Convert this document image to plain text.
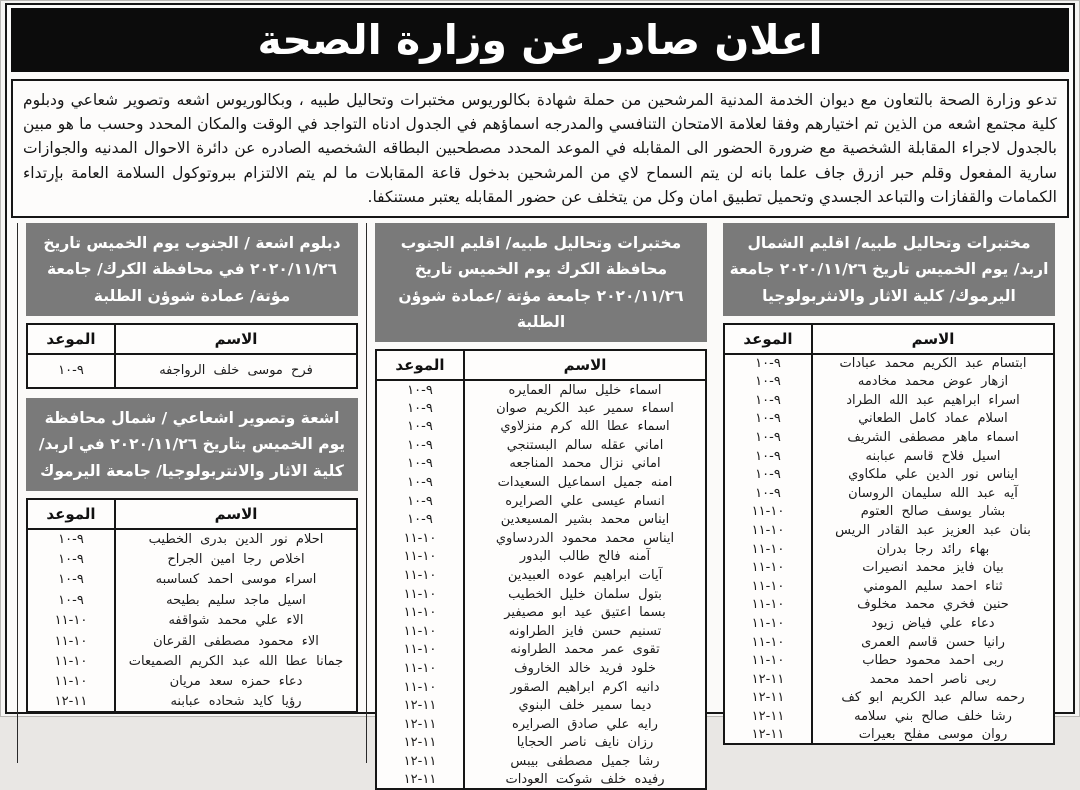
اعلان صادر عن وزارة الصحة
تدعو وزارة الصحة بالتعاون مع ديوان الخدمة المدنية المرشحين من حملة شهادة بكالوريوس مختبرات وتحاليل طبيه ، وبكالوريوس اشعه وتصوير شعاعي ودبلوم كلية مجتمع اشعه من الذين تم اختيارهم وفقا لعلامة الامتحان التنافسي والمدرجه اسماؤهم في الجدول ادناه التواجد في الوقت والمكان المحدد وحسب ما هو مبين بالجدول لاجراء المقابلة الشخصية مع ضرورة الحضور الى المقابله في الموعد المحدد مصطحبين البطاقه الشخصيه الصادره عن دائرة الاحوال المدنيه والجوازات سارية المفعول وقلم حبر ازرق جاف علما بانه لن يتم السماح لاي من المرشحين بدخول قاعة المقابلات ما لم يتم الالتزام ببروتوكول السلامة العامة بإرتداء الكمامات والقفازات والتباعد الجسدي وتحميل تطبيق امان وكل من يتخلف عن حضور المقابله يعتبر مستنكفا.
مختبرات وتحاليل طبيه/ اقليم الشمال اربد/ يوم الخميس تاريخ ٢٠٢٠/١١/٢٦ جامعة اليرموك/ كلية الاثار والانثربولوجيا
الاسم	الموعد
ابتسام عبد الكريم محمد عبادات	٩-١٠
ازهار عوض محمد مخادمه	٩-١٠
اسراء ابراهيم عبد الله الطراد	٩-١٠
اسلام عماد كامل الطعاني	٩-١٠
اسماء ماهر مصطفى الشريف	٩-١٠
اسيل فلاح قاسم عبابنه	٩-١٠
ايناس نور الدين علي ملكاوي	٩-١٠
آيه عبد الله سليمان الروسان	٩-١٠
بشار يوسف صالح العتوم	١٠-١١
بنان عبد العزيز عبد القادر الريس	١٠-١١
بهاء رائد رجا بدران	١٠-١١
بيان فايز محمد انصيرات	١٠-١١
ثناء احمد سليم المومني	١٠-١١
حنين فخري محمد مخلوف	١٠-١١
دعاء علي فياض زيود	١٠-١١
رانيا حسن قاسم العمرى	١٠-١١
ربى احمد محمود حطاب	١٠-١١
ربى ناصر احمد محمد	١١-١٢
رحمه سالم عبد الكريم ابو كف	١١-١٢
رشا خلف صالح بني سلامه	١١-١٢
روان موسى مفلح بعيرات	١١-١٢
مختبرات وتحاليل طبيه/ اقليم الجنوب محافظة الكرك يوم الخميس تاريخ ٢٠٢٠/١١/٢٦ جامعة مؤتة /عمادة شوؤن الطلبة
الاسم	الموعد
اسماء خليل سالم العمايره	٩-١٠
اسماء سمير عبد الكريم صوان	٩-١٠
اسماء عطا الله كرم منزلاوي	٩-١٠
اماني عقله سالم البستنجي	٩-١٠
اماني نزال محمد المناجعه	٩-١٠
امنه جميل اسماعيل السعيدات	٩-١٠
انسام عيسى علي الصرايره	٩-١٠
ايناس محمد بشير المسيعدين	٩-١٠
ايناس محمد محمود الدردساوي	١٠-١١
آمنه فالح طالب البدور	١٠-١١
آيات ابراهيم عوده العبيدين	١٠-١١
بتول سلمان خليل الخطيب	١٠-١١
بسما اعتيق عيد ابو مصيفير	١٠-١١
تسنيم حسن فايز الطراونه	١٠-١١
تقوى عمر محمد الطراونه	١٠-١١
خلود فريد خالد الخاروف	١٠-١١
دانيه اكرم ابراهيم الصقور	١٠-١١
ديما سمير خلف البنوي	١١-١٢
رايه علي صادق الصرايره	١١-١٢
رزان نايف ناصر الحجايا	١١-١٢
رشا جميل مصطفى بيبس	١١-١٢
رفيده خلف شوكت العودات	١١-١٢
دبلوم اشعة / الجنوب يوم الخميس تاريخ ٢٠٢٠/١١/٢٦ في محافظة الكرك/ جامعة مؤتة/ عمادة شوؤن الطلبة
الاسم	الموعد
فرح موسى خلف الرواجفه	٩-١٠
اشعة وتصوير اشعاعي / شمال محافظة يوم الخميس بتاريخ ٢٠٢٠/١١/٢٦ في اربد/ كلية الاثار والانتربولوجيا/ جامعة اليرموك
الاسم	الموعد
احلام نور الدين بدرى الخطيب	٩-١٠
اخلاص رجا امين الجراح	٩-١٠
اسراء موسى احمد كساسبه	٩-١٠
اسيل ماجد سليم بطيحه	٩-١٠
الاء علي محمد شواقفه	١٠-١١
الاء محمود مصطفى القرعان	١٠-١١
جمانا عطا الله عبد الكريم الصميعات	١٠-١١
دعاء حمزه سعد مريان	١٠-١١
رؤيا كايد شحاده عبابنه	١١-١٢
